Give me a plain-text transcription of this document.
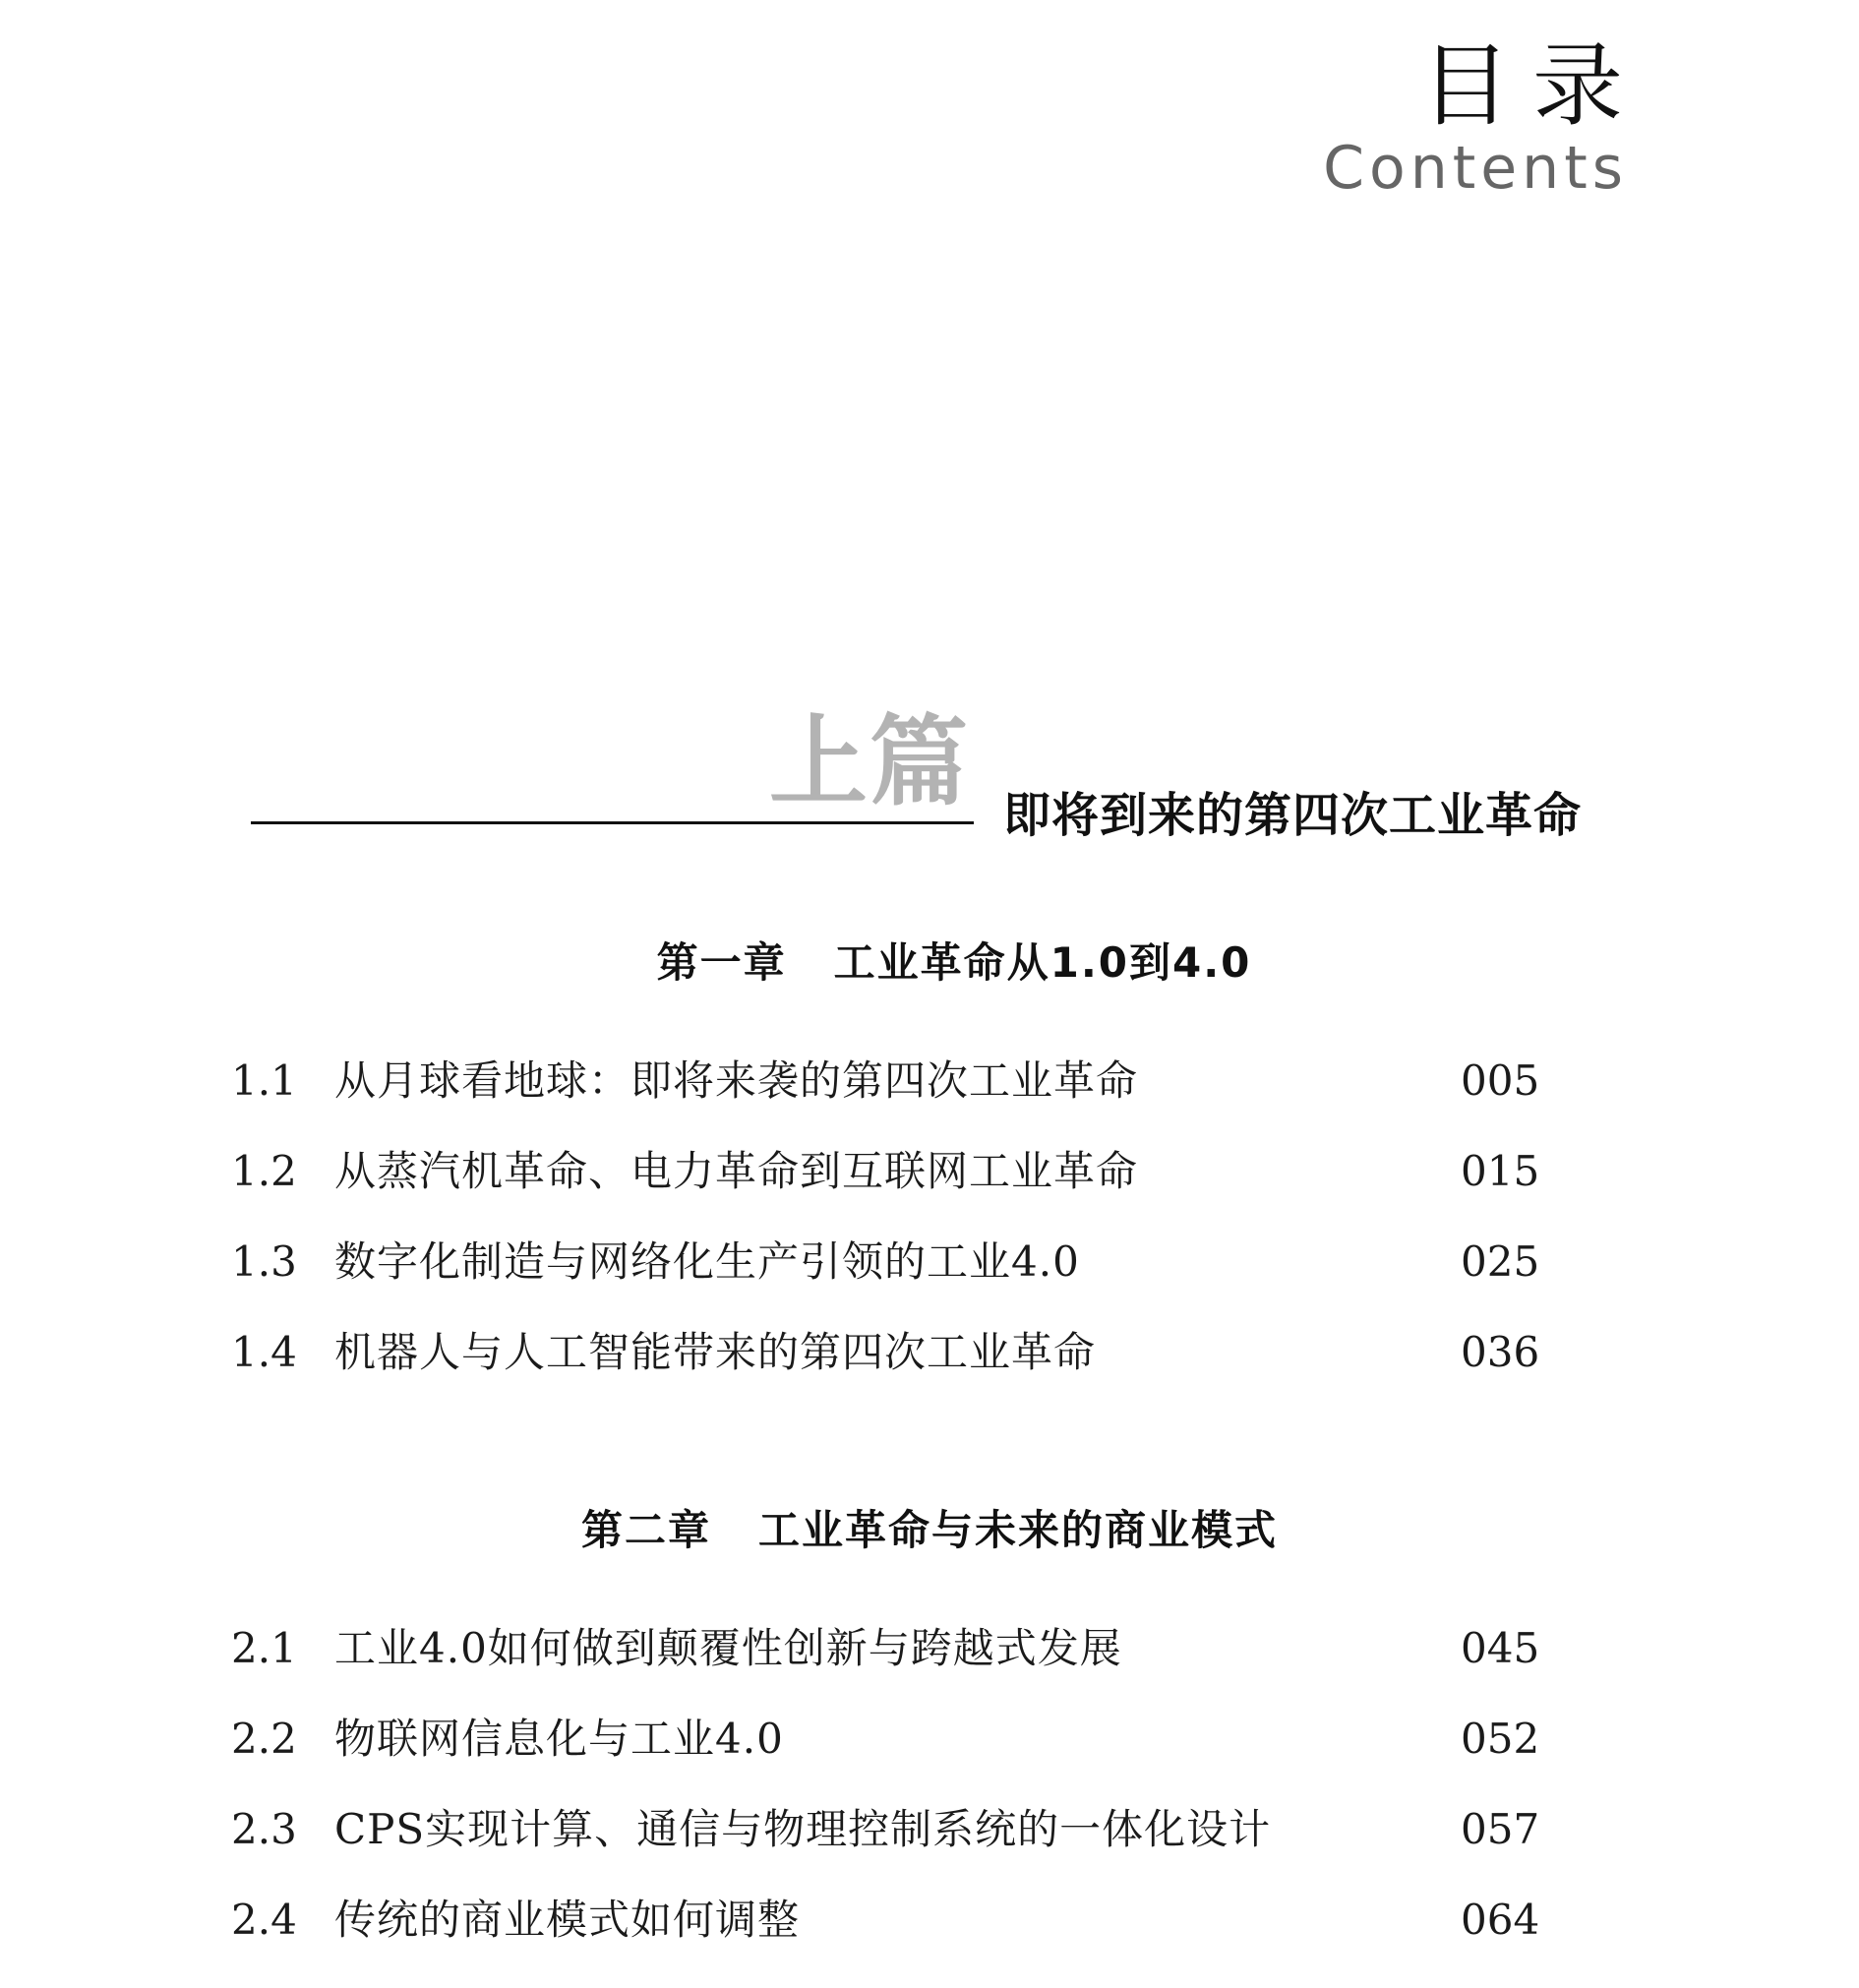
目录
Contents
上篇 即将到来的第四次工业革命
第一章 工业革命从1.0到4.0
1.1 从月球看地球：即将来袭的第四次工业革命	005
1.2 从蒸汽机革命、电力革命到互联网工业革命	015
1.3 数字化制造与网络化生产引领的工业4.0	025
1.4 机器人与人工智能带来的第四次工业革命	036
第二章 工业革命与未来的商业模式
2.1 工业4.0如何做到颠覆性创新与跨越式发展	045
2.2 物联网信息化与工业4.0	052
2.3 CPS实现计算、通信与物理控制系统的一体化设计	057
2.4 传统的商业模式如何调整	064
